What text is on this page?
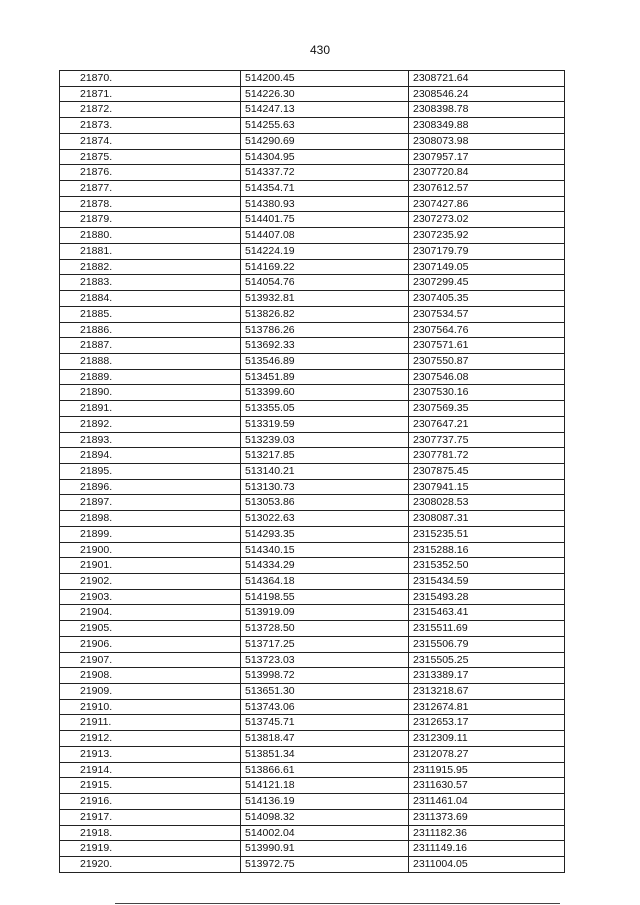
430
21870.	514200.45	2308721.64
21871.	514226.30	2308546.24
21872.	514247.13	2308398.78
21873.	514255.63	2308349.88
21874.	514290.69	2308073.98
21875.	514304.95	2307957.17
21876.	514337.72	2307720.84
21877.	514354.71	2307612.57
21878.	514380.93	2307427.86
21879.	514401.75	2307273.02
21880.	514407.08	2307235.92
21881.	514224.19	2307179.79
21882.	514169.22	2307149.05
21883.	514054.76	2307299.45
21884.	513932.81	2307405.35
21885.	513826.82	2307534.57
21886.	513786.26	2307564.76
21887.	513692.33	2307571.61
21888.	513546.89	2307550.87
21889.	513451.89	2307546.08
21890.	513399.60	2307530.16
21891.	513355.05	2307569.35
21892.	513319.59	2307647.21
21893.	513239.03	2307737.75
21894.	513217.85	2307781.72
21895.	513140.21	2307875.45
21896.	513130.73	2307941.15
21897.	513053.86	2308028.53
21898.	513022.63	2308087.31
21899.	514293.35	2315235.51
21900.	514340.15	2315288.16
21901.	514334.29	2315352.50
21902.	514364.18	2315434.59
21903.	514198.55	2315493.28
21904.	513919.09	2315463.41
21905.	513728.50	2315511.69
21906.	513717.25	2315506.79
21907.	513723.03	2315505.25
21908.	513998.72	2313389.17
21909.	513651.30	2313218.67
21910.	513743.06	2312674.81
21911.	513745.71	2312653.17
21912.	513818.47	2312309.11
21913.	513851.34	2312078.27
21914.	513866.61	2311915.95
21915.	514121.18	2311630.57
21916.	514136.19	2311461.04
21917.	514098.32	2311373.69
21918.	514002.04	2311182.36
21919.	513990.91	2311149.16
21920.	513972.75	2311004.05
